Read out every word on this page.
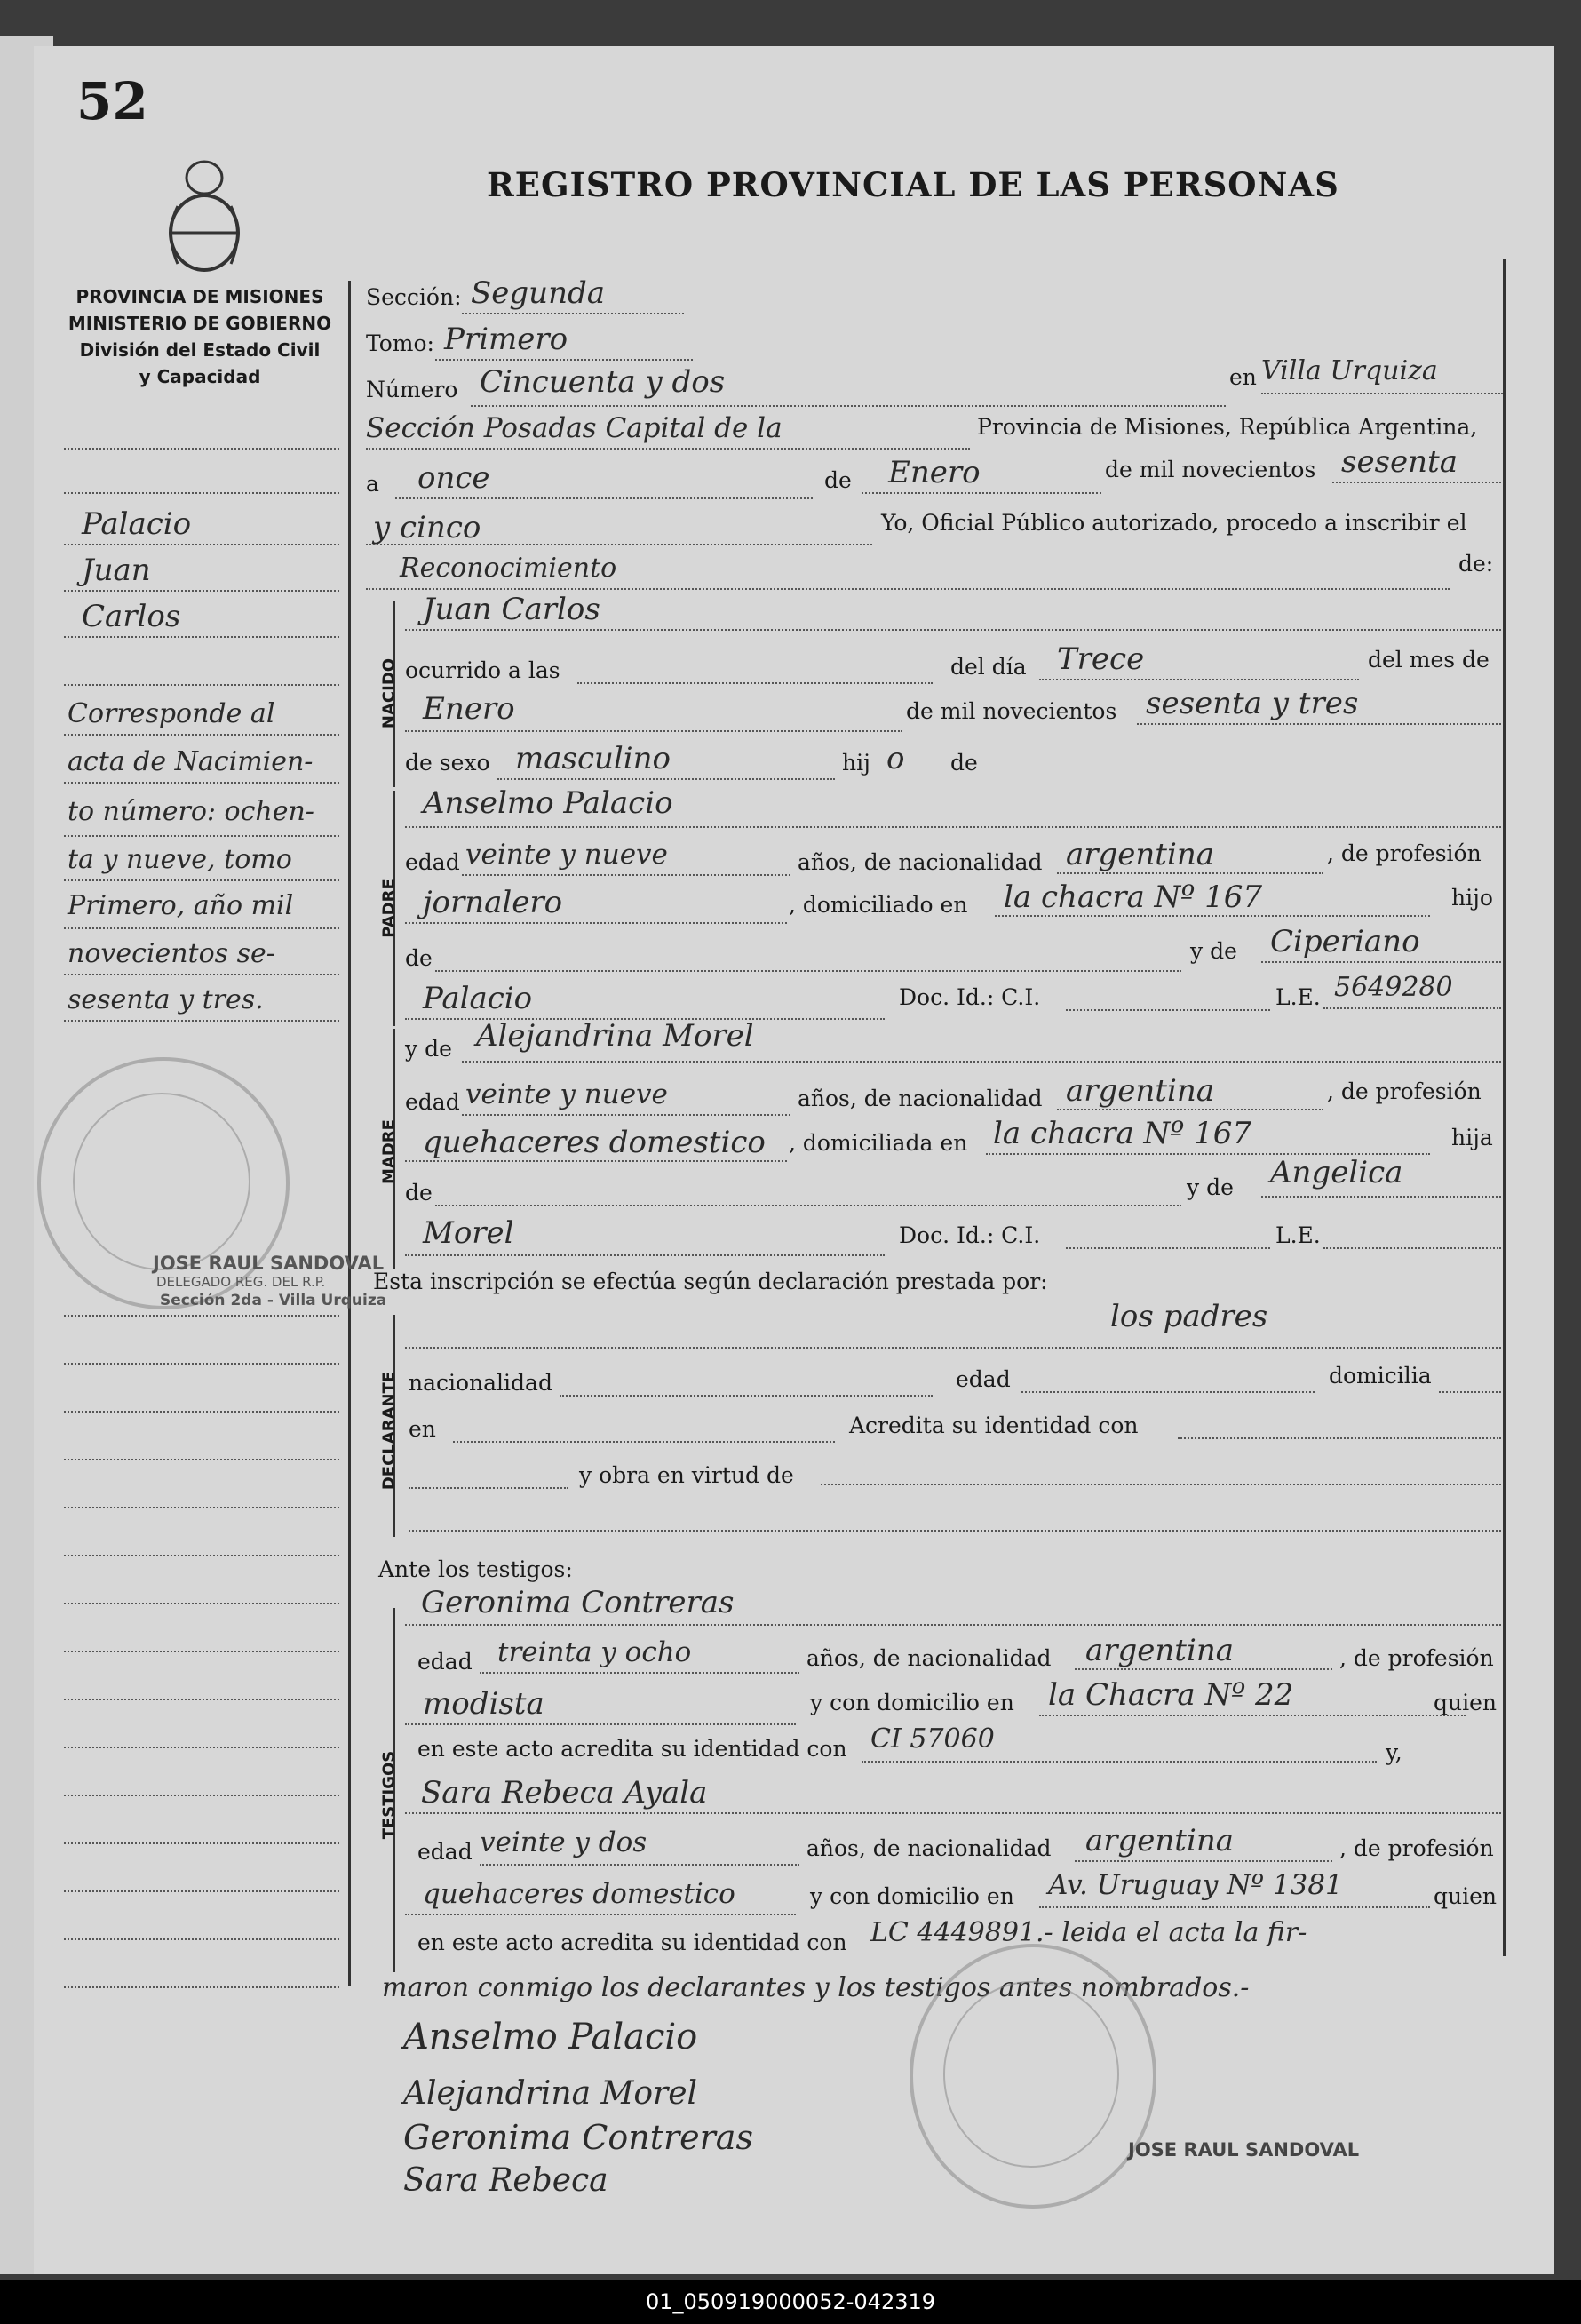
52
REGISTRO PROVINCIAL DE LAS PERSONAS
PROVINCIA DE MISIONES
MINISTERIO DE GOBIERNO
División del Estado Civil
y Capacidad
NACIDO
PADRE
MADRE
DECLARANTE
TESTIGOS
Palacio
Juan
Carlos
Corresponde al
acta de Nacimien-
to número: ochen-
ta y nueve, tomo
Primero, año mil
novecientos se-
sesenta y tres.
Sección: Segunda
Tomo: Primero
Número Cincuenta y dos	en Villa Urquiza
Sección Posadas Capital de la	Provincia de Misiones, República Argentina,
a once	de Enero	de mil novecientos sesenta
y cinco	Yo, Oficial Público autorizado, procedo a inscribir el
Reconocimiento	de:
Juan Carlos
ocurrido a las	del día Trece	del mes de
Enero	de mil novecientos sesenta y tres
de sexo masculino	hij o de
Anselmo Palacio
edad veinte y nueve	años, de nacionalidad argentina	, de profesión
jornalero	, domiciliado en la chacra Nº 167	hijo
de	y de Ciperiano
Palacio	Doc. Id.: C.I.	L.E. 5649280
y de Alejandrina Morel
edad veinte y nueve	años, de nacionalidad argentina	, de profesión
quehaceres domestico , domiciliada en la chacra Nº 167	hija
de	y de Angelica
Morel	Doc. Id.: C.I.	L.E.
Esta inscripción se efectúa según declaración prestada por:
los padres
nacionalidad	edad	domicilia
en	Acredita su identidad con
y obra en virtud de
Ante los testigos:
Geronima Contreras
edad treinta y ocho	años, de nacionalidad argentina	, de profesión
modista	y con domicilio en la Chacra Nº 22	quien
en este acto acredita su identidad con CI 57060	y,
Sara Rebeca Ayala
edad veinte y dos	años, de nacionalidad argentina	, de profesión
quehaceres domestico	y con domicilio en Av. Uruguay Nº 1381	quien
en este acto acredita su identidad con LC 4449891.- leida el acta la fir-
maron conmigo los declarantes y los testigos antes nombrados.-
Anselmo Palacio
Alejandrina Morel
Geronima Contreras
Sara Rebeca
JOSE RAUL SANDOVAL
DELEGADO REG. DEL R.P.
Sección 2da - Villa Urquiza
JOSE RAUL SANDOVAL
01_050919000052-042319
